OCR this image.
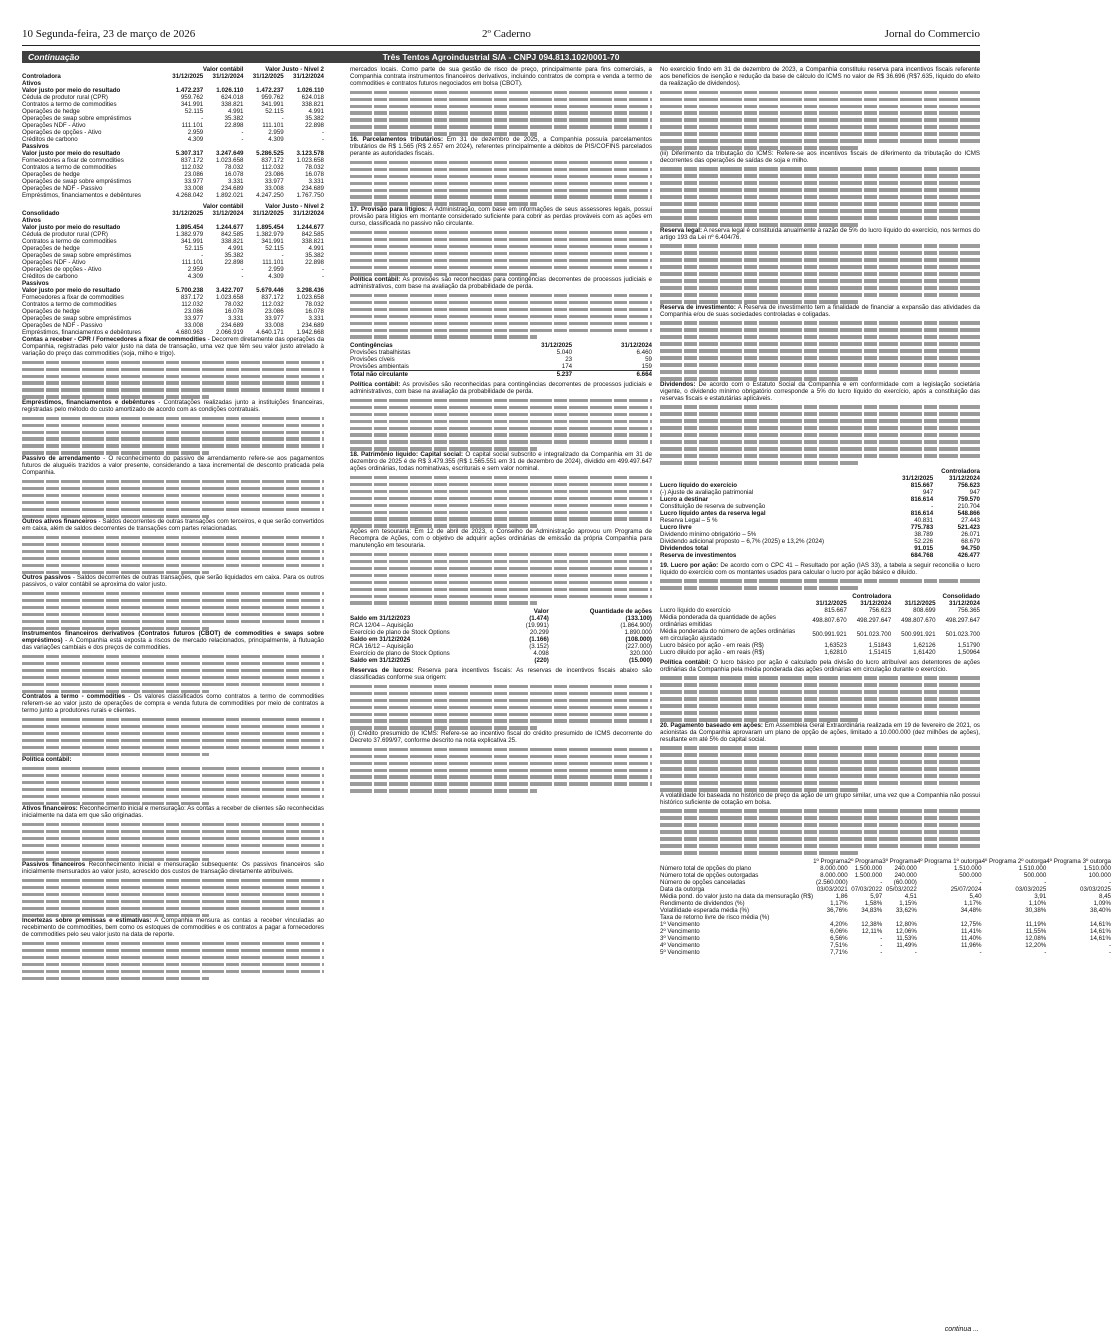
10 Segunda-feira, 23 de março de 2026	2º Caderno	Jornal do Commercio
Continuação	Três Tentos Agroindustrial S/A - CNPJ 094.813.102/0001-70
	Valor contábil		Valor Justo - Nível 2	
Controladora	31/12/2025	31/12/2024	31/12/2025	31/12/2024
Ativos				
Valor justo por meio do resultado	1.472.237	1.026.110	1.472.237	1.026.110
Cédula de produtor rural (CPR)	959.762	624.018	959.762	624.018
Contratos a termo de commodities	341.991	338.821	341.991	338.821
Operações de hedge	52.115	4.991	52.115	4.991
Operações de swap sobre empréstimos	-	35.382	-	35.382
Operações NDF - Ativo	111.101	22.898	111.101	22.898
Operações de opções - Ativo	2.959	-	2.959	-
Créditos de carbono	4.309	-	4.309	-
Passivos				
Valor justo por meio do resultado	5.307.317	3.247.649	5.286.525	3.123.578
Fornecedores a fixar de commodities	837.172	1.023.658	837.172	1.023.658
Contratos a termo de commodities	112.032	78.032	112.032	78.032
Operações de hedge	23.086	16.078	23.086	16.078
Operações de swap sobre empréstimos	33.977	3.331	33.977	3.331
Operações de NDF - Passivo	33.008	234.689	33.008	234.689
Empréstimos, financiamentos e debêntures	4.268.042	1.892.021	4.247.250	1.767.750
	Valor contábil		Valor Justo - Nível 2	
Consolidado	31/12/2025	31/12/2024	31/12/2025	31/12/2024
Ativos				
Valor justo por meio do resultado	1.895.454	1.244.677	1.895.454	1.244.677
Cédula de produtor rural (CPR)	1.382.979	842.585	1.382.979	842.585
Contratos a termo de commodities	341.991	338.821	341.991	338.821
Operações de hedge	52.115	4.991	52.115	4.991
Operações de swap sobre empréstimos	-	35.382	-	35.382
Operações NDF - Ativo	111.101	22.898	111.101	22.898
Operações de opções - Ativo	2.959	-	2.959	-
Créditos de carbono	4.309	-	4.309	-
Passivos				
Valor justo por meio do resultado	5.700.238	3.422.707	5.679.446	3.298.436
Fornecedores a fixar de commodities	837.172	1.023.658	837.172	1.023.658
Contratos a termo de commodities	112.032	78.032	112.032	78.032
Operações de hedge	23.086	16.078	23.086	16.078
Operações de swap sobre empréstimos	33.977	3.331	33.977	3.331
Operações de NDF - Passivo	33.008	234.689	33.008	234.689
Empréstimos, financiamentos e debêntures	4.680.963	2.066.919	4.640.171	1.942.668

Contas a receber - CPR / Fornecedores a fixar de commodities - Decorrem diretamente das operações da Companhia, registradas pelo valor justo na data de transação, uma vez que têm seu valor justo atrelado à variação do preço das commodities (soja, milho e trigo).

Empréstimos, financiamentos e debêntures - Contratações realizadas junto a instituições financeiras, registradas pelo método do custo amortizado de acordo com as condições contratuais.

Passivo de arrendamento - O reconhecimento do passivo de arrendamento refere-se aos pagamentos futuros de aluguéis trazidos a valor presente, considerando a taxa incremental de desconto praticada pela Companhia.

Outros ativos financeiros - Saldos decorrentes de outras transações com terceiros, e que serão convertidos em caixa, além de saldos decorrentes de transações com partes relacionadas.

Outros passivos - Saldos decorrentes de outras transações, que serão liquidados em caixa. Para os outros passivos, o valor contábil se aproxima do valor justo.

Instrumentos financeiros derivativos (Contratos futuros (CBOT) de commodities e swaps sobre empréstimos) - A Companhia está exposta a riscos de mercado relacionados, principalmente, à flutuação das variações cambiais e dos preços de commodities.

Contratos a termo - commodities - Os valores classificados como contratos a termo de commodities referem-se ao valor justo de operações de compra e venda futura de commodities por meio de contratos a termo junto a produtores rurais e clientes.

Política contábil:

Ativos financeiros: Reconhecimento inicial e mensuração: As contas a receber de clientes são reconhecidas inicialmente na data em que são originadas.

Passivos financeiros Reconhecimento inicial e mensuração subsequente: Os passivos financeiros são inicialmente mensurados ao valor justo, acrescido dos custos de transação diretamente atribuíveis.

Incertezas sobre premissas e estimativas: A Companhia mensura as contas a receber vinculadas ao recebimento de commodities, bem como os estoques de commodities e os contratos a pagar a fornecedores de commodities pelo seu valor justo na data de reporte.

mercados locais. Como parte de sua gestão de risco de preço, principalmente para fins comerciais, a Companhia contrata instrumentos financeiros derivativos, incluindo contratos de compra e venda a termo de commodities e contratos futuros negociados em bolsa (CBOT).

16. Parcelamentos tributários: Em 31 de dezembro de 2025, a Companhia possuía parcelamentos tributários de R$ 1.565 (R$ 2.657 em 2024), referentes principalmente a débitos de PIS/COFINS parcelados perante as autoridades fiscais.

17. Provisão para litígios: A Administração, com base em informações de seus assessores legais, possui provisão para litígios em montante considerado suficiente para cobrir as perdas prováveis com as ações em curso, classificada no passivo não circulante.

Política contábil: As provisões são reconhecidas para contingências decorrentes de processos judiciais e administrativos, com base na avaliação da probabilidade de perda.

Contingências	31/12/2025	31/12/2024
Provisões trabalhistas	5.040	6.460
Provisões cíveis	23	59
Provisões ambientais	174	159
Total não circulante	5.237	6.664

Política contábil: As provisões são reconhecidas para contingências decorrentes de processos judiciais e administrativos, com base na avaliação da probabilidade de perda.

18. Patrimônio líquido: Capital social: O capital social subscrito e integralizado da Companhia em 31 de dezembro de 2025 é de R$ 3.479.355 (R$ 1.565.551 em 31 de dezembro de 2024), dividido em 499.497.647 ações ordinárias, todas nominativas, escriturais e sem valor nominal.

Ações em tesouraria: Em 12 de abril de 2023, o Conselho de Administração aprovou um Programa de Recompra de Ações, com o objetivo de adquirir ações ordinárias de emissão da própria Companhia para manutenção em tesouraria.

	Valor	Quantidade de ações
Saldo em 31/12/2023	(1.474)	(133.100)
RCA 12/04 – Aquisição	(19.991)	(1.864.900)
Exercício de plano de Stock Options	20.299	1.890.000
Saldo em 31/12/2024	(1.166)	(108.000)
RCA 16/12 – Aquisição	(3.152)	(227.000)
Exercício de plano de Stock Options	4.098	320.000
Saldo em 31/12/2025	(220)	(15.000)

Reservas de lucros: Reserva para incentivos fiscais: As reservas de incentivos fiscais abaixo são classificadas conforme sua origem:

(i) Crédito presumido de ICMS: Refere-se ao incentivo fiscal do crédito presumido de ICMS decorrente do Decreto 37.699/97, conforme descrito na nota explicativa 25.

No exercício findo em 31 de dezembro de 2023, a Companhia constituiu reserva para incentivos fiscais referente aos benefícios de isenção e redução da base de cálculo do ICMS no valor de R$ 36.696 (R$7.635, líquido do efeito da realização de dividendos).

(iii) Diferimento da tributação do ICMS: Refere-se aos incentivos fiscais de diferimento da tributação do ICMS decorrentes das operações de saídas de soja e milho.

Reserva legal: A reserva legal é constituída anualmente à razão de 5% do lucro líquido do exercício, nos termos do artigo 193 da Lei nº 6.404/76.

Reserva de investimento: A Reserva de investimento tem a finalidade de financiar a expansão das atividades da Companhia e/ou de suas sociedades controladas e coligadas.

Dividendos: De acordo com o Estatuto Social da Companhia e em conformidade com a legislação societária vigente, o dividendo mínimo obrigatório corresponde a 5% do lucro líquido do exercício, após a constituição das reservas fiscais e estatutárias aplicáveis.

	Controladora	
	31/12/2025	31/12/2024
Lucro líquido do exercício	815.667	756.623
(-) Ajuste de avaliação patrimonial	947	947
Lucro a destinar	816.614	759.570
Constituição de reserva de subvenção	-	210.704
Lucro líquido antes da reserva legal	816.614	548.866
Reserva Legal – 5 %	40.831	27.443
Lucro livre	775.783	521.423
Dividendo mínimo obrigatório – 5%	38.789	26.071
Dividendo adicional proposto – 6,7% (2025) e 13,2% (2024)	52.226	68.679
Dividendos total	91.015	94.750
Reserva de investimentos	684.768	426.477

19. Lucro por ação: De acordo com o CPC 41 – Resultado por ação (IAS 33), a tabela a seguir reconcilia o lucro líquido do exercício com os montantes usados para calcular o lucro por ação básico e diluído.

	Controladora		Consolidado	
	31/12/2025	31/12/2024	31/12/2025	31/12/2024
Lucro líquido do exercício	815.667	756.623	808.699	756.365
Média ponderada da quantidade de ações ordinárias emitidas	498.807.670	498.297.647	498.807.670	498.297.647
Média ponderada do número de ações ordinárias em circulação ajustado	500.991.921	501.023.700	500.991.921	501.023.700
Lucro básico por ação - em reais (R$)	1,63523	1,51843	1,62126	1,51790
Lucro diluído por ação - em reais (R$)	1,62810	1,51415	1,61420	1,50964

Política contábil: O lucro básico por ação é calculado pela divisão do lucro atribuível aos detentores de ações ordinárias da Companhia pela média ponderada das ações ordinárias em circulação durante o exercício.

20. Pagamento baseado em ações: Em Assembleia Geral Extraordinária realizada em 19 de fevereiro de 2021, os acionistas da Companhia aprovaram um plano de opção de ações, limitado a 10.000.000 (dez milhões de ações), resultante em até 5% do capital social.

A volatilidade foi baseada no histórico de preço da ação de um grupo similar, uma vez que a Companhia não possui histórico suficiente de cotação em bolsa.

	1º Programa	2º Programa	3º Programa	4º Programa 1º outorga	4º Programa 2º outorga	4º Programa 3º outorga
Número total de opções do plano	8.000.000	1.500.000	240.000	1.510.000	1.510.000	1.510.000
Número total de opções outorgadas	8.000.000	1.500.000	240.000	500.000	500.000	100.000
Número de opções canceladas	(2.560.000)	-	(60.000)	-	-	-
Data da outorga	03/03/2021	07/03/2022	05/03/2022	25/07/2024	03/03/2025	03/03/2025
Média pond. do valor justo na data da mensuração (R$)	1,86	5,97	4,51	5,40	3,91	8,45
Rendimento de dividendos (%)	1,17%	1,58%	1,15%	1,17%	1,10%	1,09%
Volatilidade esperada média (%)	36,76%	34,83%	33,62%	34,48%	30,38%	38,40%
Taxa de retorno livre de risco média (%)						
1º Vencimento	4,20%	12,38%	12,80%	12,75%	11,19%	14,61%
2º Vencimento	6,06%	12,11%	12,06%	11,41%	11,55%	14,61%
3º Vencimento	6,56%	-	11,53%	11,40%	12,08%	14,61%
4º Vencimento	7,51%	-	11,49%	11,96%	12,20%	-
5º Vencimento	7,71%	-	-	-	-	-
continua ...
